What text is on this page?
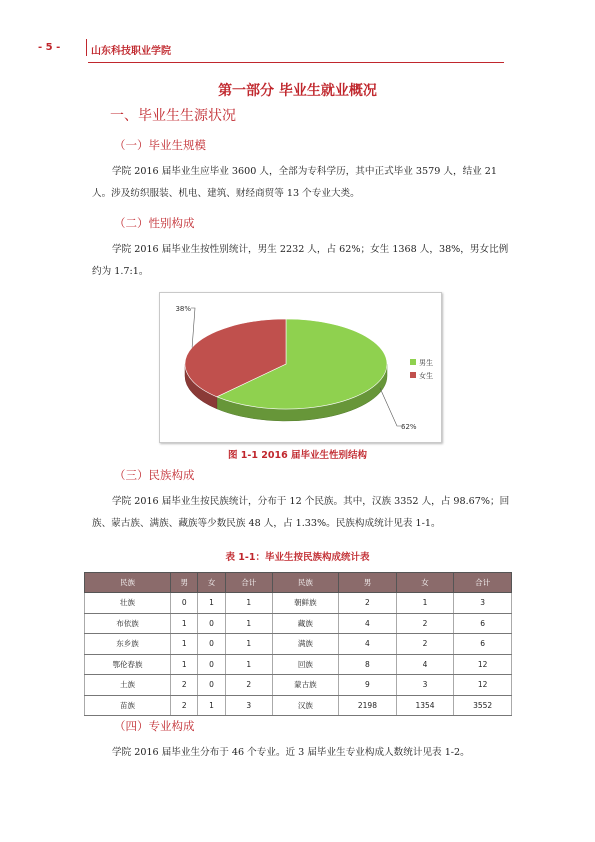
- 5 -	山东科技职业学院
第一部分 毕业生就业概况
一、毕业生生源状况
（一）毕业生规模

学院 2016 届毕业生应毕业 3600 人，全部为专科学历，其中正式毕业 3579 人，结业 21 人。涉及纺织服装、机电、建筑、财经商贸等 13 个专业大类。

（二）性别构成

学院 2016 届毕业生按性别统计，男生 2232 人，占 62%；女生 1368 人，38%，男女比例约为 1.7:1。

62%
38%
男生
女生
图 1-1 2016 届毕业生性别结构
（三）民族构成

学院 2016 届毕业生按民族统计，分布于 12 个民族。其中，汉族 3352 人，占 98.67%；回族、蒙古族、满族、藏族等少数民族 48 人，占 1.33%。民族构成统计见表 1-1。

表 1-1：毕业生按民族构成统计表
民族	男	女	合计	民族	男	女	合计
壮族	0	1	1	朝鲜族	2	1	3
布依族	1	0	1	藏族	4	2	6
东乡族	1	0	1	满族	4	2	6
鄂伦春族	1	0	1	回族	8	4	12
土族	2	0	2	蒙古族	9	3	12
苗族	2	1	3	汉族	2198	1354	3552
（四）专业构成

学院 2016 届毕业生分布于 46 个专业。近 3 届毕业生专业构成人数统计见表 1-2。
